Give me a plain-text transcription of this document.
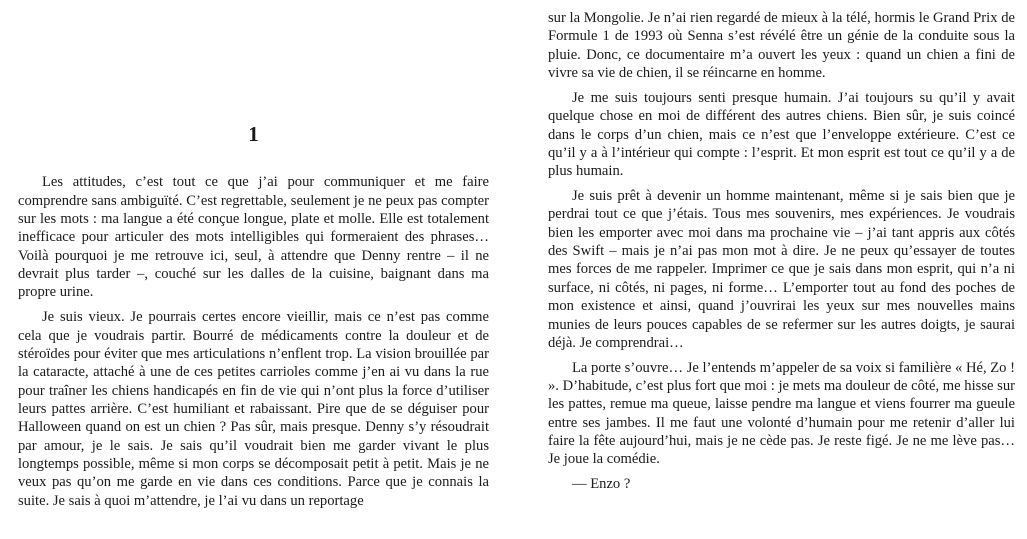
1

Les attitudes, c’est tout ce que j’ai pour communiquer et me faire comprendre sans ambiguïté. C’est regrettable, seulement je ne peux pas compter sur les mots : ma langue a été conçue longue, plate et molle. Elle est totalement inefficace pour articuler des mots intelligibles qui formeraient des phrases… Voilà pourquoi je me retrouve ici, seul, à attendre que Denny rentre – il ne devrait plus tarder –, couché sur les dalles de la cuisine, baignant dans ma propre urine.

Je suis vieux. Je pourrais certes encore vieillir, mais ce n’est pas comme cela que je voudrais partir. Bourré de médicaments contre la douleur et de stéroïdes pour éviter que mes articulations n’enflent trop. La vision brouillée par la cataracte, attaché à une de ces petites carrioles comme j’en ai vu dans la rue pour traîner les chiens handicapés en fin de vie qui n’ont plus la force d’utiliser leurs pattes arrière. C’est humiliant et rabaissant. Pire que de se déguiser pour Halloween quand on est un chien ? Pas sûr, mais presque. Denny s’y résoudrait par amour, je le sais. Je sais qu’il voudrait bien me garder vivant le plus longtemps possible, même si mon corps se décomposait petit à petit. Mais je ne veux pas qu’on me garde en vie dans ces conditions. Parce que je connais la suite. Je sais à quoi m’attendre, je l’ai vu dans un reportage

sur la Mongolie. Je n’ai rien regardé de mieux à la télé, hormis le Grand Prix de Formule 1 de 1993 où Senna s’est révélé être un génie de la conduite sous la pluie. Donc, ce documentaire m’a ouvert les yeux : quand un chien a fini de vivre sa vie de chien, il se réincarne en homme.

Je me suis toujours senti presque humain. J’ai toujours su qu’il y avait quelque chose en moi de différent des autres chiens. Bien sûr, je suis coincé dans le corps d’un chien, mais ce n’est que l’enveloppe extérieure. C’est ce qu’il y a à l’intérieur qui compte : l’esprit. Et mon esprit est tout ce qu’il y a de plus humain.

Je suis prêt à devenir un homme maintenant, même si je sais bien que je perdrai tout ce que j’étais. Tous mes souvenirs, mes expériences. Je voudrais bien les emporter avec moi dans ma prochaine vie – j’ai tant appris aux côtés des Swift – mais je n’ai pas mon mot à dire. Je ne peux qu’essayer de toutes mes forces de me rappeler. Imprimer ce que je sais dans mon esprit, qui n’a ni surface, ni côtés, ni pages, ni forme… L’emporter tout au fond des poches de mon existence et ainsi, quand j’ouvrirai les yeux sur mes nouvelles mains munies de leurs pouces capables de se refermer sur les autres doigts, je saurai déjà. Je comprendrai…

La porte s’ouvre… Je l’entends m’appeler de sa voix si familière « Hé, Zo ! ». D’habitude, c’est plus fort que moi : je mets ma douleur de côté, me hisse sur les pattes, remue ma queue, laisse pendre ma langue et viens fourrer ma gueule entre ses jambes. Il me faut une volonté d’humain pour me retenir d’aller lui faire la fête aujourd’hui, mais je ne cède pas. Je reste figé. Je ne me lève pas… Je joue la comédie.

— Enzo ?
